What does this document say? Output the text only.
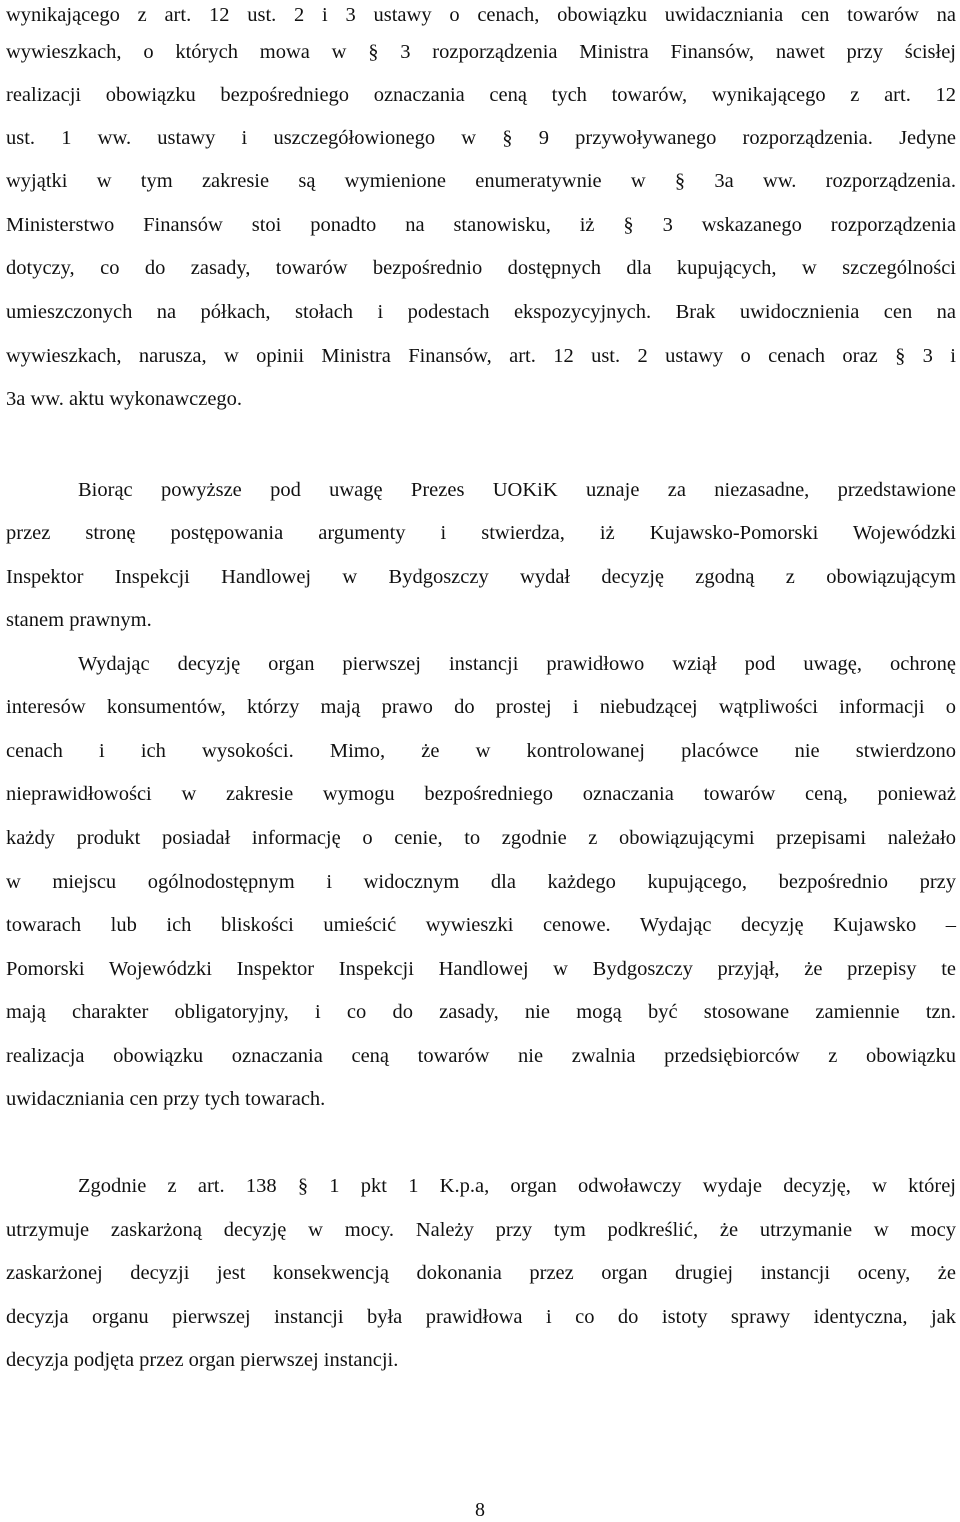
wynikającego z art. 12 ust. 2 i 3 ustawy o cenach, obowiązku uwidaczniania cen towarów na
wywieszkach, o których mowa w § 3 rozporządzenia Ministra Finansów, nawet przy ścisłej
realizacji obowiązku bezpośredniego oznaczania ceną tych towarów, wynikającego z art. 12
ust. 1 ww. ustawy i uszczegółowionego w § 9 przywoływanego rozporządzenia. Jedyne
wyjątki w tym zakresie są wymienione enumeratywnie w § 3a ww. rozporządzenia.
Ministerstwo Finansów stoi ponadto na stanowisku, iż § 3 wskazanego rozporządzenia
dotyczy, co do zasady, towarów bezpośrednio dostępnych dla kupujących, w szczególności
umieszczonych na półkach, stołach i podestach ekspozycyjnych. Brak uwidocznienia cen na
wywieszkach, narusza, w opinii Ministra Finansów, art. 12 ust. 2 ustawy o cenach oraz § 3 i
3a ww. aktu wykonawczego.
Biorąc powyższe pod uwagę Prezes UOKiK uznaje za niezasadne, przedstawione
przez stronę postępowania argumenty i stwierdza, iż Kujawsko-Pomorski Wojewódzki
Inspektor Inspekcji Handlowej w Bydgoszczy wydał decyzję zgodną z obowiązującym
stanem prawnym.
Wydając decyzję organ pierwszej instancji prawidłowo wziął pod uwagę, ochronę
interesów konsumentów, którzy mają prawo do prostej i niebudzącej wątpliwości informacji o
cenach i ich wysokości. Mimo, że w kontrolowanej placówce nie stwierdzono
nieprawidłowości w zakresie wymogu bezpośredniego oznaczania towarów ceną, ponieważ
każdy produkt posiadał informację o cenie, to zgodnie z obowiązującymi przepisami należało
w miejscu ogólnodostępnym i widocznym dla każdego kupującego, bezpośrednio przy
towarach lub ich bliskości umieścić wywieszki cenowe. Wydając decyzję Kujawsko –
Pomorski Wojewódzki Inspektor Inspekcji Handlowej w Bydgoszczy przyjął, że przepisy te
mają charakter obligatoryjny, i co do zasady, nie mogą być stosowane zamiennie tzn.
realizacja obowiązku oznaczania ceną towarów nie zwalnia przedsiębiorców z obowiązku
uwidaczniania cen przy tych towarach.
Zgodnie z art. 138 § 1 pkt 1 K.p.a, organ odwoławczy wydaje decyzję, w której
utrzymuje zaskarżoną decyzję w mocy. Należy przy tym podkreślić, że utrzymanie w mocy
zaskarżonej decyzji jest konsekwencją dokonania przez organ drugiej instancji oceny, że
decyzja organu pierwszej instancji była prawidłowa i co do istoty sprawy identyczna, jak
decyzja podjęta przez organ pierwszej instancji.
8
